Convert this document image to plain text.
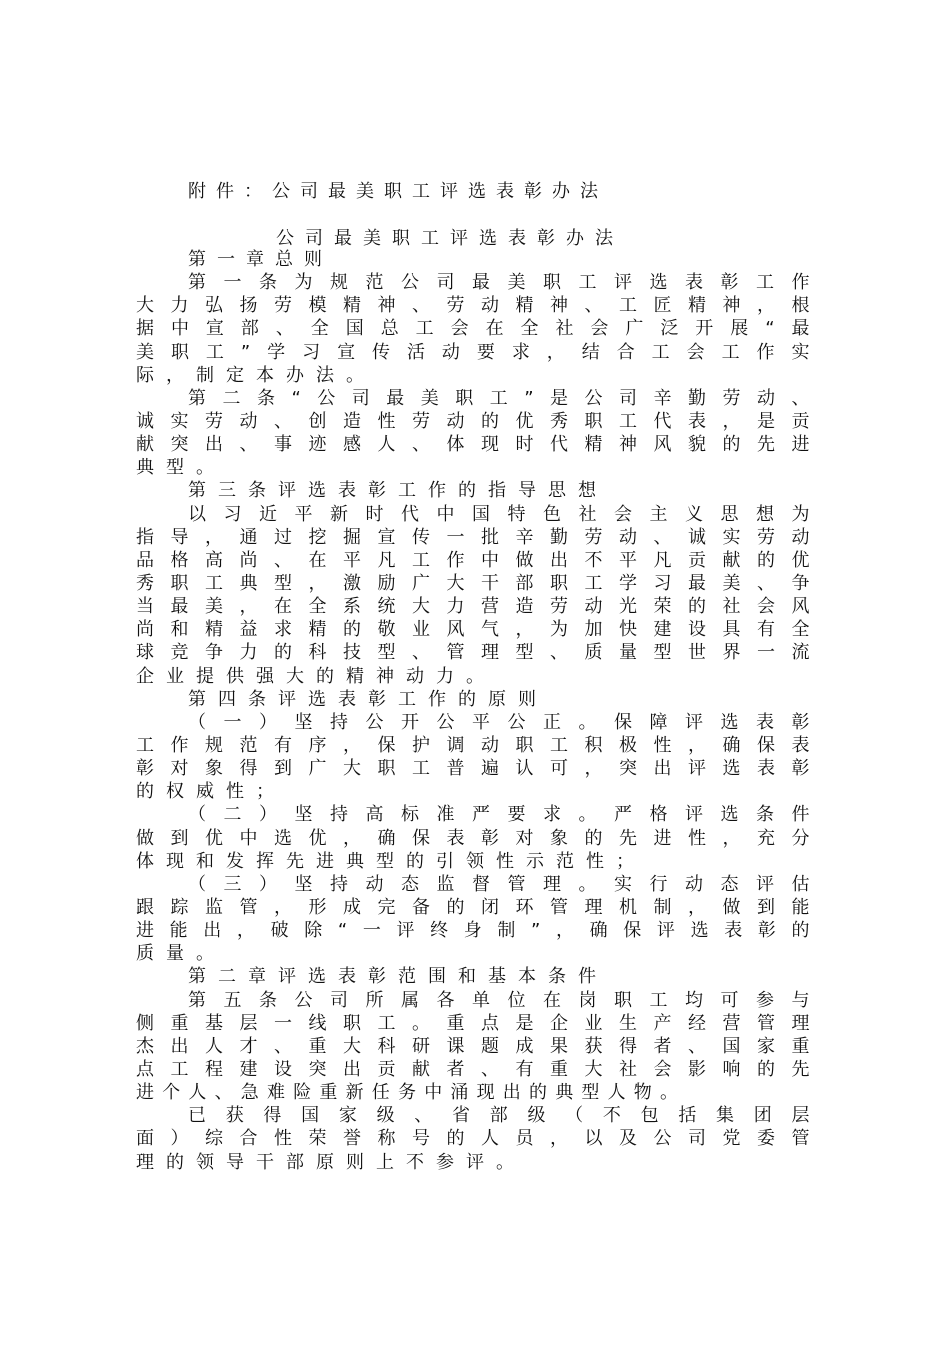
附件：公司最美职工评选表彰办法
公司最美职工评选表彰办法
第一章总则
第一条为规范公司最美职工评选表彰工作
大力弘扬劳模精神、劳动精神、工匠精神，根
据中宣部、全国总工会在全社会广泛开展“最
美职工”学习宣传活动要求，结合工会工作实
际，制定本办法。
第二条“公司最美职工”是公司辛勤劳动、
诚实劳动、创造性劳动的优秀职工代表，是贡
献突出、事迹感人、体现时代精神风貌的先进
典型。
第三条评选表彰工作的指导思想
以习近平新时代中国特色社会主义思想为
指导，通过挖掘宣传一批辛勤劳动、诚实劳动
品格高尚、在平凡工作中做出不平凡贡献的优
秀职工典型，激励广大干部职工学习最美、争
当最美，在全系统大力营造劳动光荣的社会风
尚和精益求精的敬业风气，为加快建设具有全
球竞争力的科技型、管理型、质量型世界一流
企业提供强大的精神动力。
第四条评选表彰工作的原则
（一）坚持公开公平公正。保障评选表彰
工作规范有序，保护调动职工积极性，确保表
彰对象得到广大职工普遍认可，突出评选表彰
的权威性；
（二）坚持高标准严要求。严格评选条件
做到优中选优，确保表彰对象的先进性，充分
体现和发挥先进典型的引领性示范性；
（三）坚持动态监督管理。实行动态评估
跟踪监管，形成完备的闭环管理机制，做到能
进能出，破除“一评终身制”，确保评选表彰的
质量。
第二章评选表彰范围和基本条件
第五条公司所属各单位在岗职工均可参与
侧重基层一线职工。重点是企业生产经营管理
杰出人才、重大科研课题成果获得者、国家重
点工程建设突出贡献者、有重大社会影响的先
进个人、急难险重新任务中涌现出的典型人物。
已获得国家级、省部级（不包括集团层
面）综合性荣誉称号的人员，以及公司党委管
理的领导干部原则上不参评。
